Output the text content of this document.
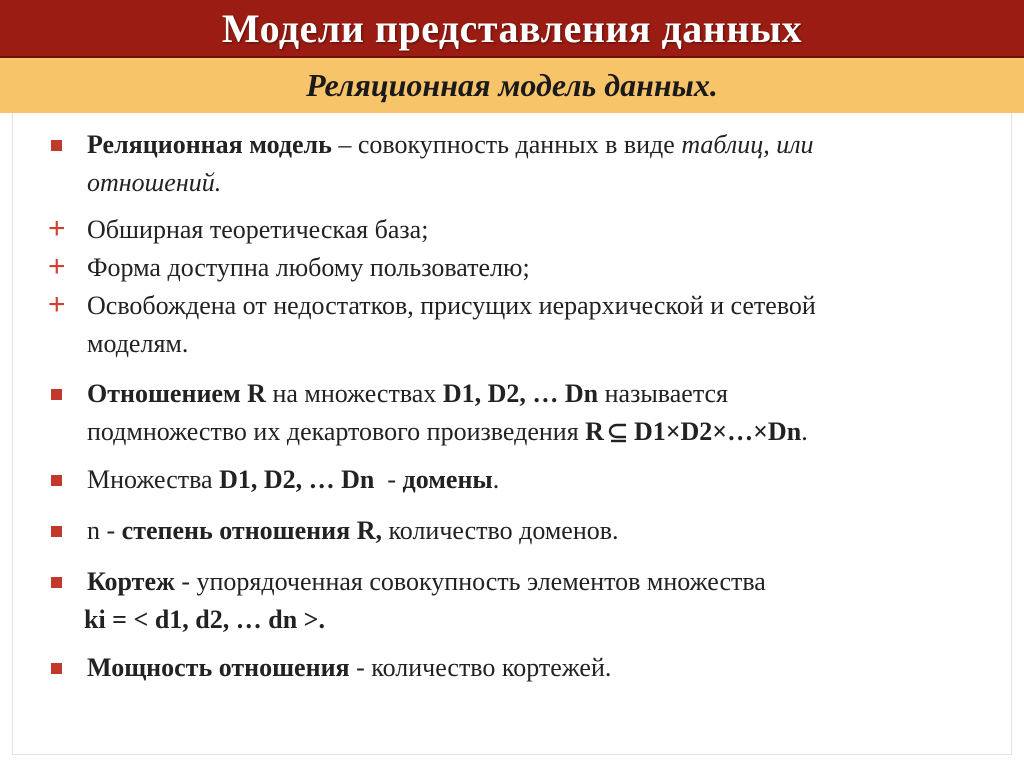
Модели представления данных
Реляционная модель данных.
Реляционная модель – совокупность данных в виде таблиц, или
отношений.
+ Обширная теоретическая база;
+ Форма доступна любому пользователю;
+ Освобождена от недостатков, присущих иерархической и сетевой
моделям.
Отношением R на множествах D1, D2, … Dn называется
подмножество их декартового произведения R D1×D2×…×Dn.
Множества D1, D2, … Dn  - домены.
n - степень отношения R, количество доменов.
Кортеж - упорядоченная совокупность элементов множества
ki = < d1, d2, … dn >.
Мощность отношения - количество кортежей.
